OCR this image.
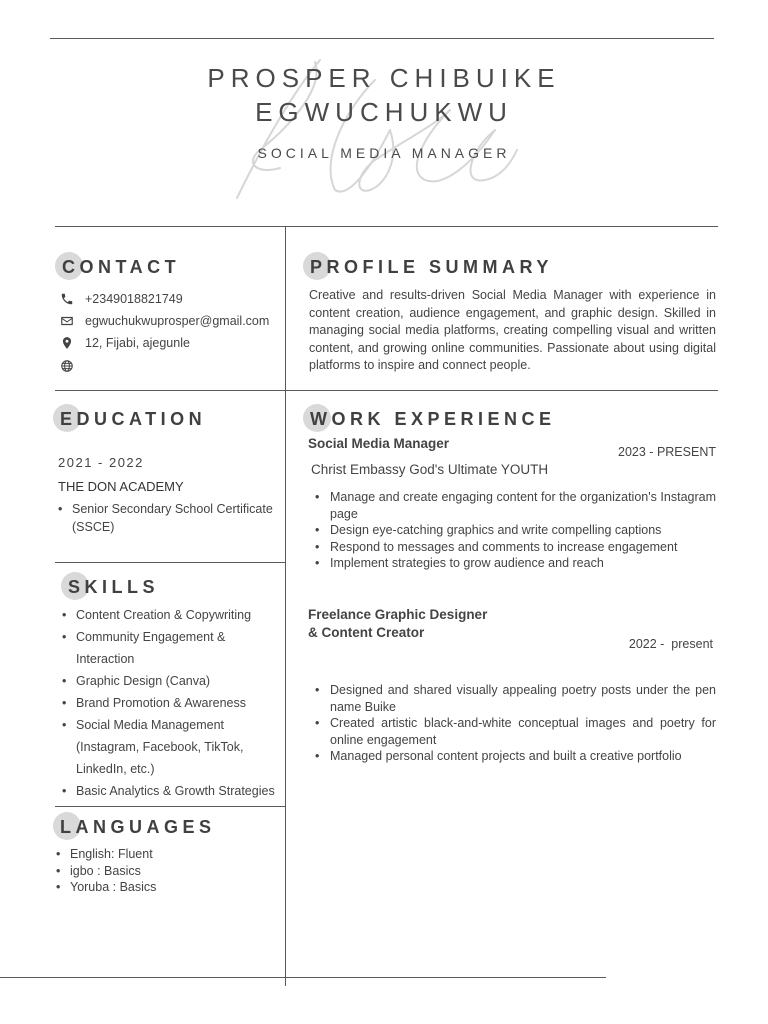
PROSPER CHIBUIKE
EGWUCHUKWU
SOCIAL MEDIA MANAGER
CONTACT
+2349018821749
egwuchukwuprosper@gmail.com
12, Fijabi, ajegunle
PROFILE SUMMARY
Creative and results-driven Social Media Manager with experience in content creation, audience engagement, and graphic design. Skilled in managing social media platforms, creating compelling visual and written content, and growing online communities. Passionate about using digital platforms to inspire and connect people.
EDUCATION
2021 - 2022
THE DON ACADEMY
• Senior Secondary School Certificate (SSCE)
SKILLS
• Content Creation & Copywriting
• Community Engagement & Interaction
• Graphic Design (Canva)
• Brand Promotion & Awareness
• Social Media Management (Instagram, Facebook, TikTok, LinkedIn, etc.)
• Basic Analytics & Growth Strategies
LANGUAGES
• English: Fluent
• igbo : Basics
• Yoruba : Basics
WORK EXPERIENCE
Social Media Manager
2023 - PRESENT
Christ Embassy God's Ultimate YOUTH
• Manage and create engaging content for the organization's Instagram page
• Design eye-catching graphics and write compelling captions
• Respond to messages and comments to increase engagement
• Implement strategies to grow audience and reach
Freelance Graphic Designer
& Content Creator
2022 -  present
• Designed and shared visually appealing poetry posts under the pen name Buike
• Created artistic black-and-white conceptual images and poetry for online engagement
• Managed personal content projects and built a creative portfolio
